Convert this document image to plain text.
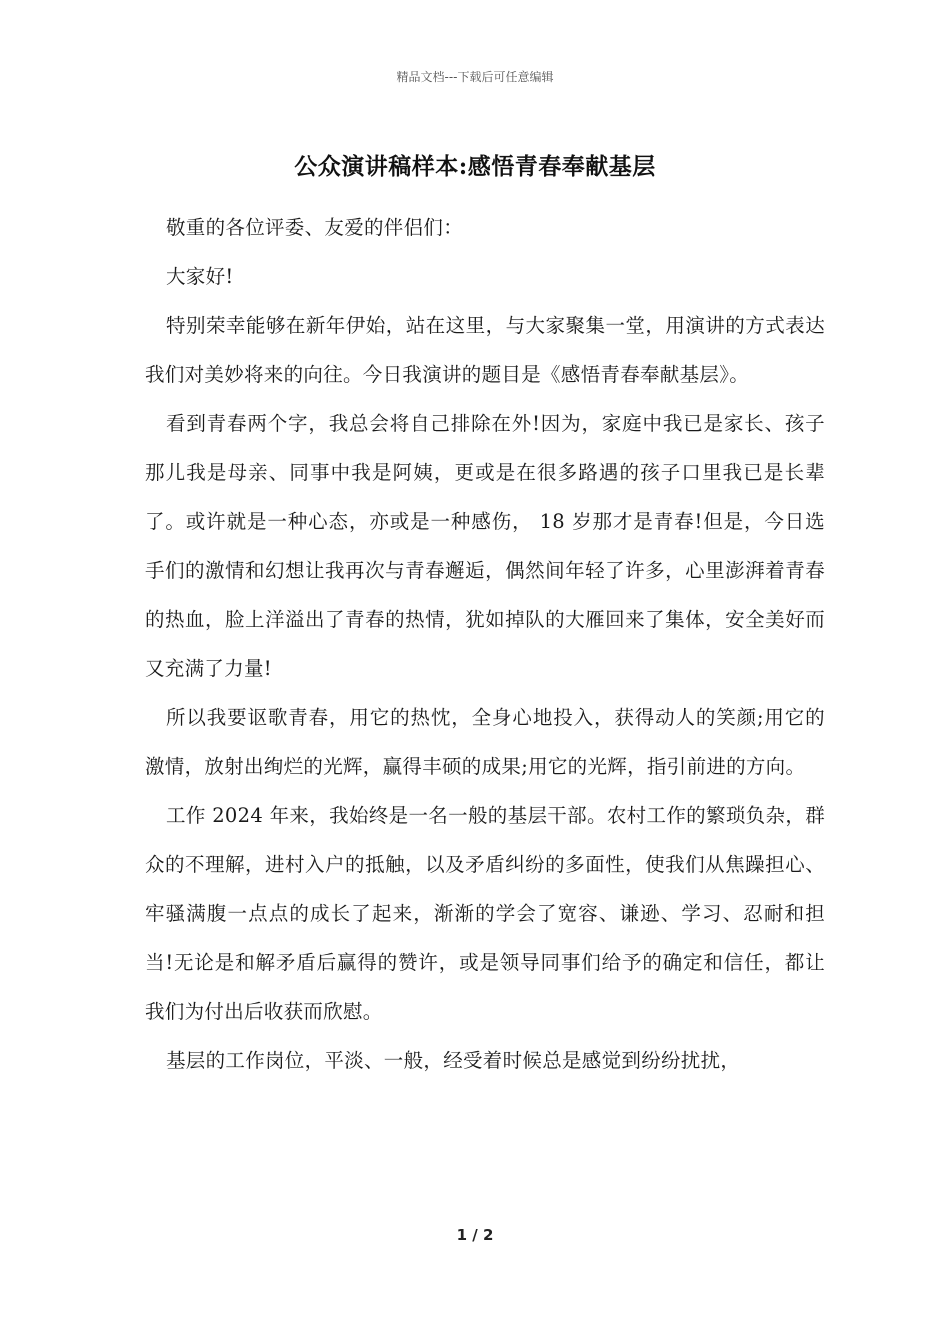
精品文档---下载后可任意编辑
公众演讲稿样本:感悟青春奉献基层

敬重的各位评委、友爱的伴侣们：

大家好!

特别荣幸能够在新年伊始，站在这里，与大家聚集一堂，用演讲的方式表达我们对美妙将来的向往。今日我演讲的题目是《感悟青春奉献基层》。

看到青春两个字，我总会将自己排除在外!因为，家庭中我已是家长、孩子那儿我是母亲、同事中我是阿姨，更或是在很多路遇的孩子口里我已是长辈了。或许就是一种心态，亦或是一种感伤， 18 岁那才是青春!但是，今日选手们的激情和幻想让我再次与青春邂逅，偶然间年轻了许多，心里澎湃着青春的热血，脸上洋溢出了青春的热情，犹如掉队的大雁回来了集体，安全美好而又充满了力量!

所以我要讴歌青春，用它的热忱，全身心地投入，获得动人的笑颜;用它的激情，放射出绚烂的光辉，赢得丰硕的成果;用它的光辉，指引前进的方向。

工作 2024 年来，我始终是一名一般的基层干部。农村工作的繁琐负杂，群众的不理解，进村入户的抵触，以及矛盾纠纷的多面性，使我们从焦躁担心、牢骚满腹一点点的成长了起来，渐渐的学会了宽容、谦逊、学习、忍耐和担当!无论是和解矛盾后赢得的赞许，或是领导同事们给予的确定和信任，都让我们为付出后收获而欣慰。

基层的工作岗位，平淡、一般，经受着时候总是感觉到纷纷扰扰，

1 / 2
